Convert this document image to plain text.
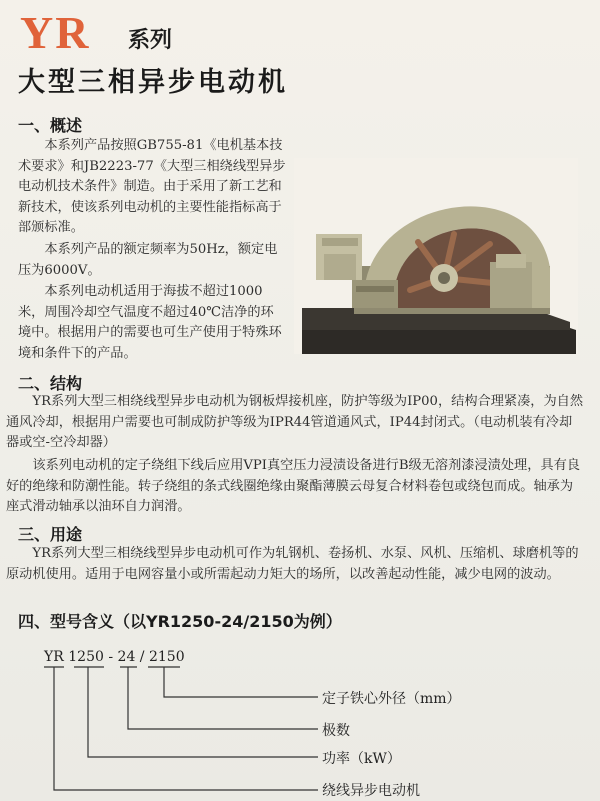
YR 系列
大型三相异步电动机
一、概述

本系列产品按照GB755-81《电机基本技术要求》和JB2223-77《大型三相绕线型异步电动机技术条件》制造。由于采用了新工艺和新技术，使该系列电动机的主要性能指标高于部颁标准。

本系列产品的额定频率为50Hz，额定电压为6000V。

本系列电动机适用于海拔不超过1000米，周围冷却空气温度不超过40℃洁净的环境中。根据用户的需要也可生产使用于特殊环境和条件下的产品。

二、结构

YR系列大型三相绕线型异步电动机为钢板焊接机座，防护等级为IP00，结构合理紧凑，为自然通风冷却，根据用户需要也可制成防护等级为IPR44管道通风式，IP44封闭式。（电动机装有冷却器或空-空冷却器）

该系列电动机的定子绕组下线后应用VPI真空压力浸渍设备进行B级无溶剂漆浸渍处理，具有良好的绝缘和防潮性能。转子绕组的条式线圈绝缘由聚酯薄膜云母复合材料卷包或绕包而成。轴承为座式滑动轴承以油环自力润滑。

三、用途

YR系列大型三相绕线型异步电动机可作为轧钢机、卷扬机、水泵、风机、压缩机、球磨机等的原动机使用。适用于电网容量小或所需起动力矩大的场所，以改善起动性能，减少电网的波动。

四、型号含义（以YR1250-24/2150为例）
YR 1250 - 24 / 2150
定子铁心外径（mm）
极数
功率（kW）
绕线异步电动机
